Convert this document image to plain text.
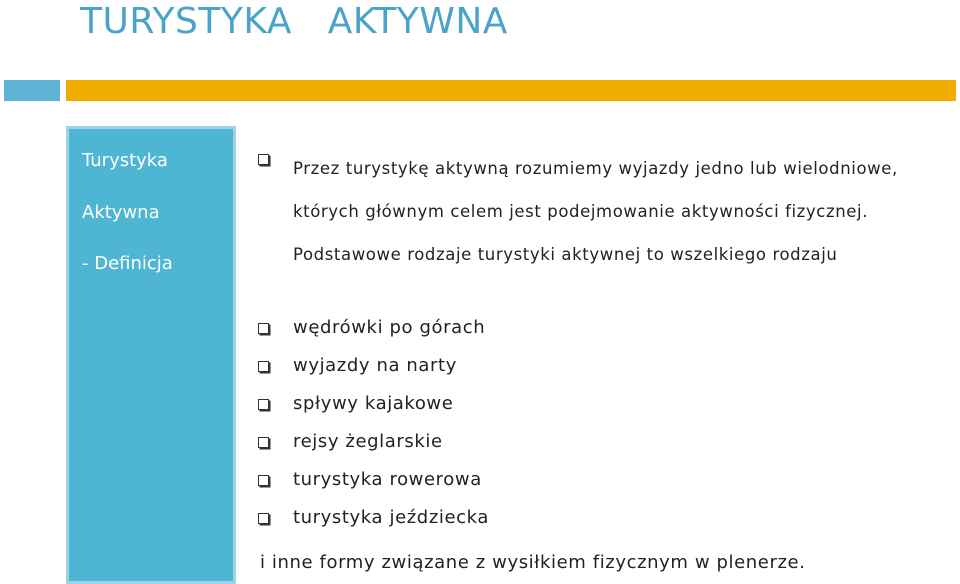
TURYSTYKA   AKTYWNA
Turystyka
Aktywna
- Definicja
Przez turystykę aktywną rozumiemy wyjazdy jedno lub wielodniowe, których głównym celem jest podejmowanie aktywności fizycznej. Podstawowe rodzaje turystyki aktywnej to wszelkiego rodzaju
wędrówki po górach
wyjazdy na narty
spływy kajakowe
rejsy żeglarskie
turystyka rowerowa
turystyka jeździecka
i inne formy związane z wysiłkiem fizycznym w plenerze.
